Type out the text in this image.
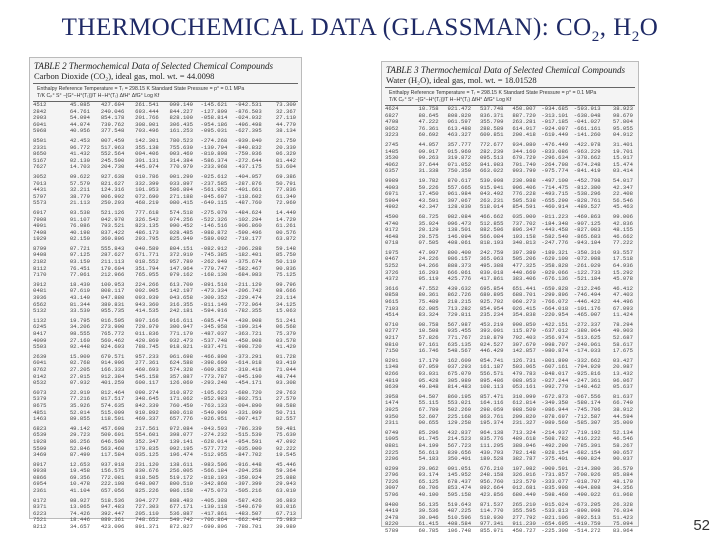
THERMOCHEMICAL DATA (GLASSMAN): $CO_2$, $H_2O$
TABLE 2 Thermochemical Data of Selected Chemical Compounds
Carbon Dioxide (CO₂), ideal gas, mol. wt. = 44.0098
Enthalpy Reference Temperature = Tᵣ = 298.15 K Standard State Pressure = p° = 0.1 MPa
T/K Cₚ° S° −[G°−H°(Tᵣ)]/T H−H°(Tᵣ) ΔfH° ΔfG° Log Kf
4512	45.085	427.604	261.541	099.149	-145.621	-942.531	73.309
2842	64.761	240.046	693.444	844.227	-127.899	-876.503	32.367
2903	54.094	854.178	201.766	828.100	-058.814	-024.032	27.110
6041	44.074	739.762	308.001	306.435	-954.186	-496.498	44.779
5968	40.956	377.548	703.496	161.253	-095.031	-627.395	38.134
8501	42.453	007.459	142.301	780.523	-274.268	-939.840	21.759
2331	96.772	517.963	355.138	755.630	-139.794	-840.832	20.339
8650	41.432	552.564	004.406	003.469	-810.898	-759.036	06.329
5167	02.130	245.590	301.131	314.384	-586.374	-272.644	81.442
7627	14.703	204.730	445.074	770.979	-233.968	-437.175	53.604
3052	09.622	927.638	010.786	001.290	-025.612	-404.057	69.386
7013	57.579	821.627	332.399	033.897	-237.585	-287.876	50.791
4431	32.211	124.316	101.053	506.894	-561.952	-401.661	77.836
5797	38.779	006.992	072.690	271.188	-845.607	-118.602	61.349
5573	21.113	250.293	468.219	080.415	-649.115	-487.760	72.969
6917	03.538	521.126	777.618	574.518	-275.079	-484.624	14.449
7908	91.107	042.970	326.542	074.256	-522.326	-102.294	14.729
4991	76.086	793.521	823.135	990.452	-146.516	-906.860	61.261
7498	40.198	837.422	486.173	028.485	-988.872	-590.496	00.576
1929	02.150	360.806	293.795	825.949	-580.092	-710.177	63.872
8799	07.721	555.843	040.589	804.151	-082.912	-206.288	59.148
9408	97.125	287.627	671.771	372.919	-745.385	-182.401	85.750
2182	03.159	211.113	018.552	957.789	-262.949	-375.674	50.110
8112	76.451	179.604	351.794	147.964	-770.747	-582.467	90.836
7170	77.061	212.966	765.955	979.162	-168.130	-684.083	75.125
3912	18.430	100.953	224.266	613.700	-891.510	-211.129	99.796
0481	07.619	808.117	002.905	142.197	-473.334	-206.742	08.666
3936	43.140	047.880	093.939	043.658	-300.352	-229.474	23.114
6562	81.344	389.831	943.360	316.355	-811.149	-772.964	34.125
5132	33.539	955.735	414.535	242.181	-594.916	-782.355	15.063
1132	19.795	016.505	807.166	916.611	-685.474	-430.908	51.241
6245	34.206	273.900	720.079	300.947	-345.958	-199.314	06.568
8417	98.555	765.772	011.836	771.170	-487.037	-363.721	75.379
4099	27.160	560.462	420.869	032.473	-537.748	-450.008	03.578
5503	92.448	024.693	788.745	918.821	-837.471	-998.720	41.420
2639	15.909	679.571	957.233	061.698	-466.800	-373.291	01.728
6041	02.768	914.906	277.361	624.588	-398.699	-614.018	03.410
8762	27.205	166.333	460.693	574.328	-609.852	-310.418	71.044
0142	27.015	912.384	545.158	357.887	-773.787	-045.190	48.744
0532	07.932	401.259	600.117	126.069	-293.240	-454.171	93.308
6073	22.919	812.464	090.274	310.872	-105.623	-680.720	29.763
5379	77.216	017.517	348.645	171.062	-852.983	-802.751	27.579
8675	35.926	574.635	842.339	760.450	-763.133	-094.890	98.588
4851	52.014	515.009	910.892	880.618	-549.909	-331.099	50.711
1463	89.855	118.501	469.337	657.776	-026.951	-007.417	82.557
6823	49.142	457.698	217.561	972.084	-043.593	-786.339	59.481
6539	29.723	509.691	554.601	398.077	-274.232	-515.539	75.630
1928	86.256	646.590	352.347	139.141	-628.014	-954.591	47.092
5599	52.846	563.460	179.835	092.195	-577.772	-035.000	92.222
3469	87.499	117.584	035.125	196.474	-512.955	-847.702	19.545
8917	12.653	937.918	231.120	138.611	-983.506	-916.448	45.446
9938	19.458	156.575	830.676	256.005	-566.184	-204.258	59.364
0866	69.356	772.081	818.505	519.172	-818.193	-350.924	25.888
6954	10.478	222.108	648.007	800.510	-342.860	-397.399	29.943
2361	41.104	657.056	825.226	986.158	-475.073	-505.216	63.010
0172	08.927	518.536	304.277	888.483	-405.388	-587.426	36.883
8371	13.065	947.483	727.303	677.171	-130.118	-540.679	03.016
6223	74.426	392.447	205.110	536.887	-417.861	-483.507	67.713
7521	18.446	089.361	748.652	549.742	-706.864	-662.442	75.983
8212	34.657	423.096	891.371	872.827	-690.896	-788.701	39.989
TABLE 3 Thermochemical Data of Selected Chemical Compounds
Water (H₂O), ideal gas, mol. wt. = 18.01528
Enthalpy Reference Temperature = Tᵣ = 298.15 K Standard State Pressure = p° = 0.1 MPa
T/K Cₚ° S° −[G°−H°(Tᵣ)]/T H−H°(Tᵣ) ΔfH° ΔfG° Log Kf
4624	10.758	921.472	537.748	450.007 -934.685 -593.913	38.923
6827	88.645	808.820	836.371	887.720 -313.101 -638.048	98.679
4708	47.222	061.597	355.709	263.281 -017.185 -041.027	57.804
8052	76.361	613.488	288.589	614.917 -924.097 -661.161	95.055
3223	60.692	463.327	609.851	200.418 -619.449 -141.260	04.912
2745	44.057	357.777	772.677	934.080 -476.449 -422.978	31.401
1485	09.017	015.969	282.239	344.160 -833.086 -963.229	19.701
3530	99.263	319.872	095.513	679.729 -296.634 -378.662	15.917
4062	37.644	071.052	841.983	701.740 -264.798 -674.248	15.474
6357	31.338	750.350	663.022	993.799 -975.774 -841.419	03.414
9989	19.782	870.617	539.998	230.988 -497.100 -452.798	54.017
4003	59.226	557.665	915.941	996.406 -714.475 -812.380	42.347
6971	17.450	961.984	043.492	776.228 -493.715 -538.296	22.408
5904	43.591	397.067	263.231	505.538 -655.290 -828.761	56.546
4902	42.347	128.030	518.014	854.591 -460.914 -489.527	45.463
4590	68.725	982.084	466.662	035.900 -811.223 -469.863	99.006
4740	35.024	096.473	512.855	737.702 -184.348 -907.125	42.836
9172	20.129	138.501	882.506	806.347 -443.458 -827.083	48.155
4648	20.575	146.094	566.084	193.158 -582.540 -865.683	46.662
0718	07.505	408.061	818.193	340.813 -247.776 -943.104	77.222
1975	47.097	800.400	242.759	397.389 -189.321 -350.310	93.557
0467	24.226	986.157	365.063	505.206 -629.100 -072.988	17.518
5252	94.266	888.373	495.388	477.325 -358.828 -261.029	64.936
3726	16.293	666.061	030.018	440.669 -029.066 -122.733	15.292
4372	95.119	425.776	417.861	383.406 -676.136 -521.184	45.078
3616	47.552	439.632	695.854	651.441 -659.828 -212.246	46.412
0858	80.361	862.726	680.895	688.701 -299.896 -746.494	47.403
9615	75.489	218.215	925.702	060.273 -766.072 -446.422	44.496
7103	62.985	713.282	854.954	026.415 -664.018 -101.176	67.093
4514	83.324	729.811	235.234	354.838 -220.954 -465.007	11.424
0710	08.758	567.987	453.219	990.850 -422.151 -272.337	78.294
0277	10.508	935.455	393.091	115.879 -637.012 -380.964	49.903
9217	57.826	771.767	218.879	792.403 -356.974 -513.625	52.687
0810	97.161	635.135	024.527	397.679 -998.707 -240.061	58.617
7150	16.746	548.567	446.429	142.857 -980.874 -174.033	17.675
8201	17.179	162.609	054.741	126.731 -801.890 -332.662	03.427
1348	07.059	037.293	161.187	503.965 -607.161 -794.929	20.987
0266	93.031	675.079	556.571	479.783 -848.017 -925.816	13.432
4819	05.428	305.989	895.486	088.053 -027.244 -247.361	96.067
8639	49.848	814.483	108.113	053.161 -992.779 -148.462	05.637
3958	04.507	860.195	857.471	310.999 -672.873 -067.556	81.637
1474	55.115	553.021	164.116	612.814 -349.350 -580.174	66.740
3925	67.789	502.260	298.059	988.509 -086.944 -745.706	38.912
9350	52.607	225.168	863.761	209.820 -878.697 -712.587	44.594
2311	00.655	129.258	195.374	231.327 -989.560 -585.307	35.009
0749	85.296	432.837	964.138	713.324 -214.937 -719.192	52.134
1095	91.745	214.523	835.776	489.618 -508.782 -416.222	46.546
0881	84.199	567.723	111.295	388.946 -492.290 -785.391	58.267
2225	56.613	839.656	430.793	782.148 -028.154 -682.154	90.657
2206	54.183	350.401	189.528	382.787 -375.401 -400.824	90.037
0299	29.062	091.051	676.210	107.982 -909.591 -214.380	36.579
2796	93.174	145.952	248.158	326.016 -731.857 -708.926	85.884
7226	65.125	678.437	956.760	123.579 -333.077 -018.707	48.170
3097	60.706	853.474	892.664	012.681 -835.998 -404.808	34.356
5706	40.100	595.158	423.856	680.449 -598.460 -490.022	61.968
8480	56.135	519.643	871.537	265.210 -015.024 -673.205	26.328
4419	39.536	487.225	114.770	355.595 -533.813 -890.998	76.034
2478	30.046	510.596	518.930	277.792 -821.106 -892.513	51.423
8220	61.415	408.584	977.341	911.230 -654.695 -419.759	75.094
5789	60.785	106.748	855.971	450.727 -225.300 -514.272	83.964	52
